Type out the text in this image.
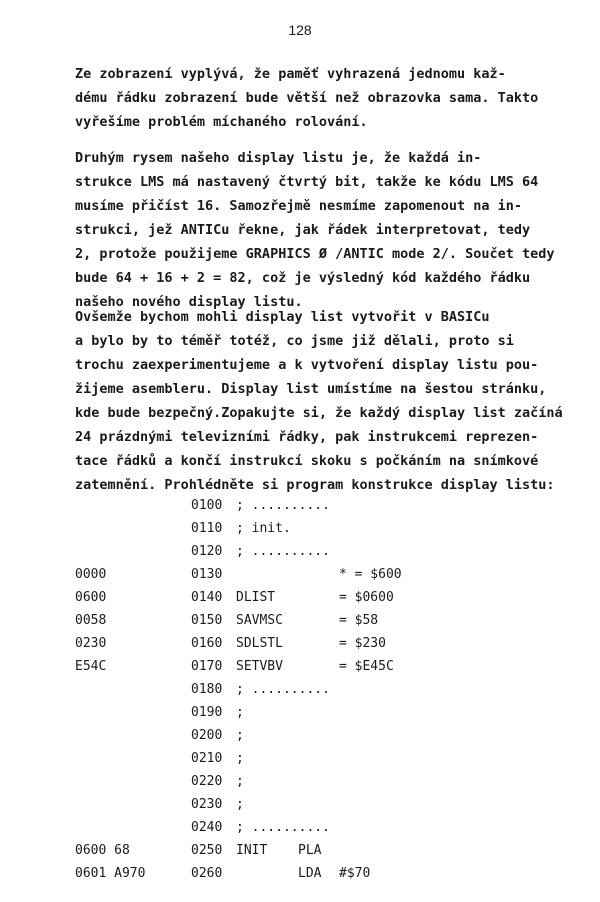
128

Ze zobrazení vyplývá, že paměť vyhrazená jednomu kaž-
dému řádku zobrazení bude větší než obrazovka sama. Takto
vyřešíme problém míchaného rolování.

Druhým rysem našeho display listu je, že každá in-
strukce LMS má nastavený čtvrtý bit, takže ke kódu LMS 64
musíme přičíst 16. Samozřejmě nesmíme zapomenout na in-
strukci, jež ANTICu řekne, jak řádek interpretovat, tedy
2, protože použijeme GRAPHICS Ø /ANTIC mode 2/. Součet tedy
bude 64 + 16 + 2 = 82, což je výsledný kód každého řádku
našeho nového display listu.

Ovšemže bychom mohli display list vytvořit v BASICu
a bylo by to téměř totéž, co jsme již dělali, proto si
trochu zaexperimentujeme a k vytvoření display listu pou-
žijeme asembleru. Display list umístíme na šestou stránku,
kde bude bezpečný.Zopakujte si, že každý display list začíná
24 prázdnými televizními řádky, pak instrukcemi reprezen-
tace řádků a končí instrukcí skoku s počkáním na snímkové
zatemnění. Prohlédněte si program konstrukce display listu:

0100 ; ..........
0110 ; init.
0120 ; ..........
0000	0130	* = $600
0600	0140 DLIST	= $0600
0058	0150 SAVMSC	= $58
0230	0160 SDLSTL	= $230
E54C	0170 SETVBV	= $E45C
0180 ; ..........
0190 ;
0200 ;
0210 ;
0220 ;
0230 ;
0240 ; ..........
0600 68	0250 INIT PLA
0601 A970	0260	LDA #$70
